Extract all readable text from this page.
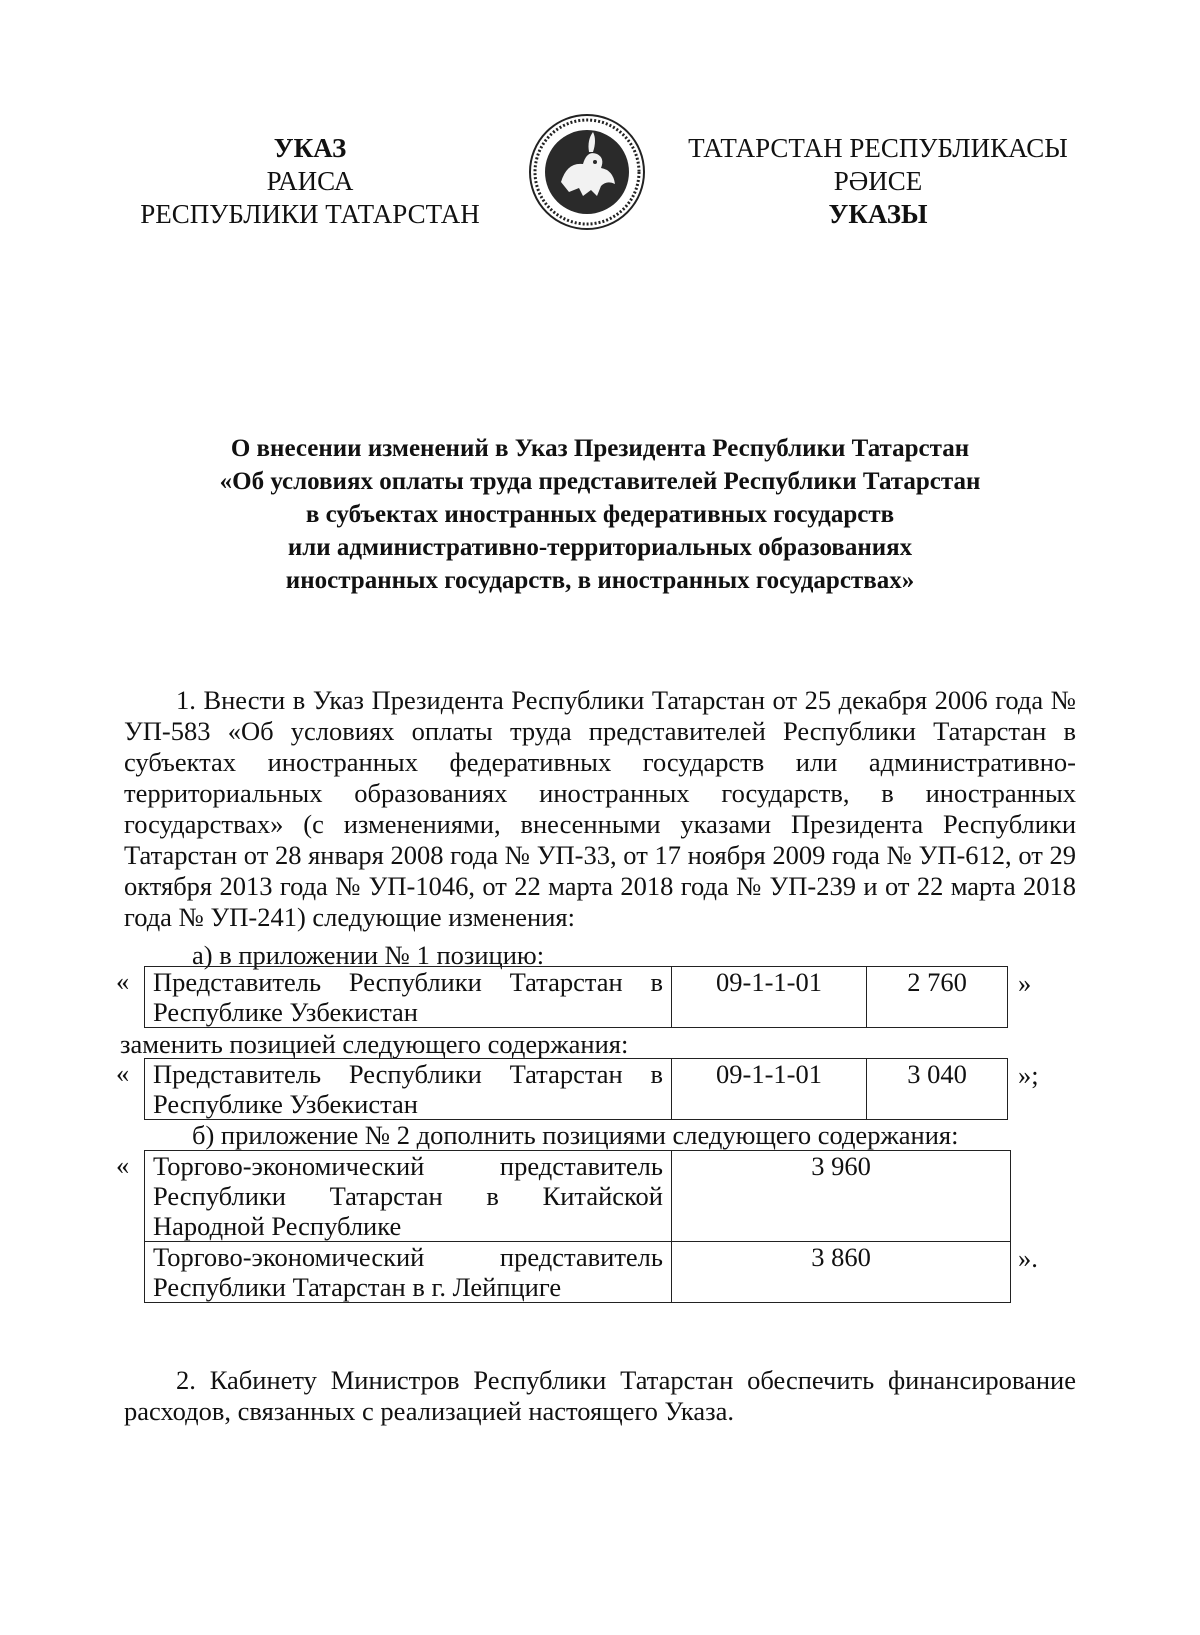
УКАЗ
РАИСА
РЕСПУБЛИКИ ТАТАРСТАН
ТАТАРСТАН РЕСПУБЛИКАСЫ
РӘИСЕ
УКАЗЫ
О внесении изменений в Указ Президента Республики Татарстан
«Об условиях оплаты труда представителей Республики Татарстан
в субъектах иностранных федеративных государств
или административно-территориальных образованиях
иностранных государств, в иностранных государствах»
1. Внести в Указ Президента Республики Татарстан от 25 декабря 2006 года № УП-583 «Об условиях оплаты труда представителей Республики Татарстан в субъектах иностранных федеративных государств или административно-территориальных образованиях иностранных государств, в иностранных государствах» (с изменениями, внесенными указами Президента Республики Татарстан от 28 января 2008 года № УП-33, от 17 ноября 2009 года № УП-612, от 29 октября 2013 года № УП-1046, от 22 марта 2018 года № УП-239 и от 22 марта 2018 года № УП-241) следующие изменения:
а) в приложении № 1 позицию:
« Представитель Республики Татарстан в Республике Узбекистан	09-1-1-01	2 760 »
заменить позицией следующего содержания:
« Представитель Республики Татарстан в Республике Узбекистан	09-1-1-01	3 040 »;
б) приложение № 2 дополнить позициями следующего содержания:
« Торгово-экономический представитель Республики Татарстан в Китайской Народной Республике	3 960
Торгово-экономический представитель Республики Татарстан в г. Лейпциге	3 860	».
2. Кабинету Министров Республики Татарстан обеспечить финансирование расходов, связанных с реализацией настоящего Указа.
